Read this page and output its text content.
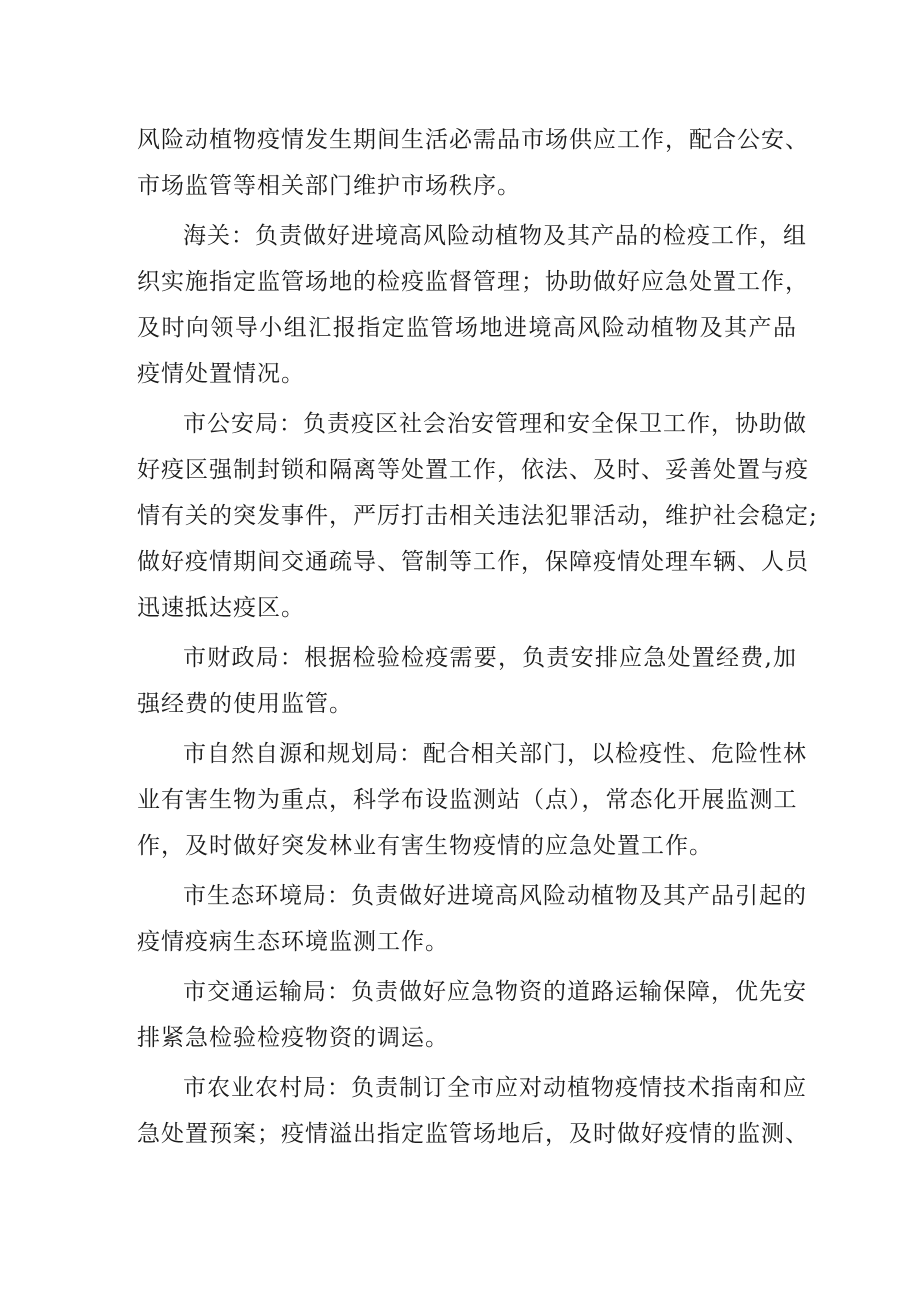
风险动植物疫情发生期间生活必需品市场供应工作，配合公安、
市场监管等相关部门维护市场秩序。
海关：负责做好进境高风险动植物及其产品的检疫工作，组
织实施指定监管场地的检疫监督管理；协助做好应急处置工作，
及时向领导小组汇报指定监管场地进境高风险动植物及其产品
疫情处置情况。
市公安局：负责疫区社会治安管理和安全保卫工作，协助做
好疫区强制封锁和隔离等处置工作，依法、及时、妥善处置与疫
情有关的突发事件，严厉打击相关违法犯罪活动，维护社会稳定;
做好疫情期间交通疏导、管制等工作，保障疫情处理车辆、人员
迅速抵达疫区。
市财政局：根据检验检疫需要，负责安排应急处置经费,加
强经费的使用监管。
市自然自源和规划局：配合相关部门，以检疫性、危险性林
业有害生物为重点，科学布设监测站（点），常态化开展监测工
作，及时做好突发林业有害生物疫情的应急处置工作。
市生态环境局：负责做好进境高风险动植物及其产品引起的
疫情疫病生态环境监测工作。
市交通运输局：负责做好应急物资的道路运输保障，优先安
排紧急检验检疫物资的调运。
市农业农村局：负责制订全市应对动植物疫情技术指南和应
急处置预案；疫情溢出指定监管场地后，及时做好疫情的监测、
